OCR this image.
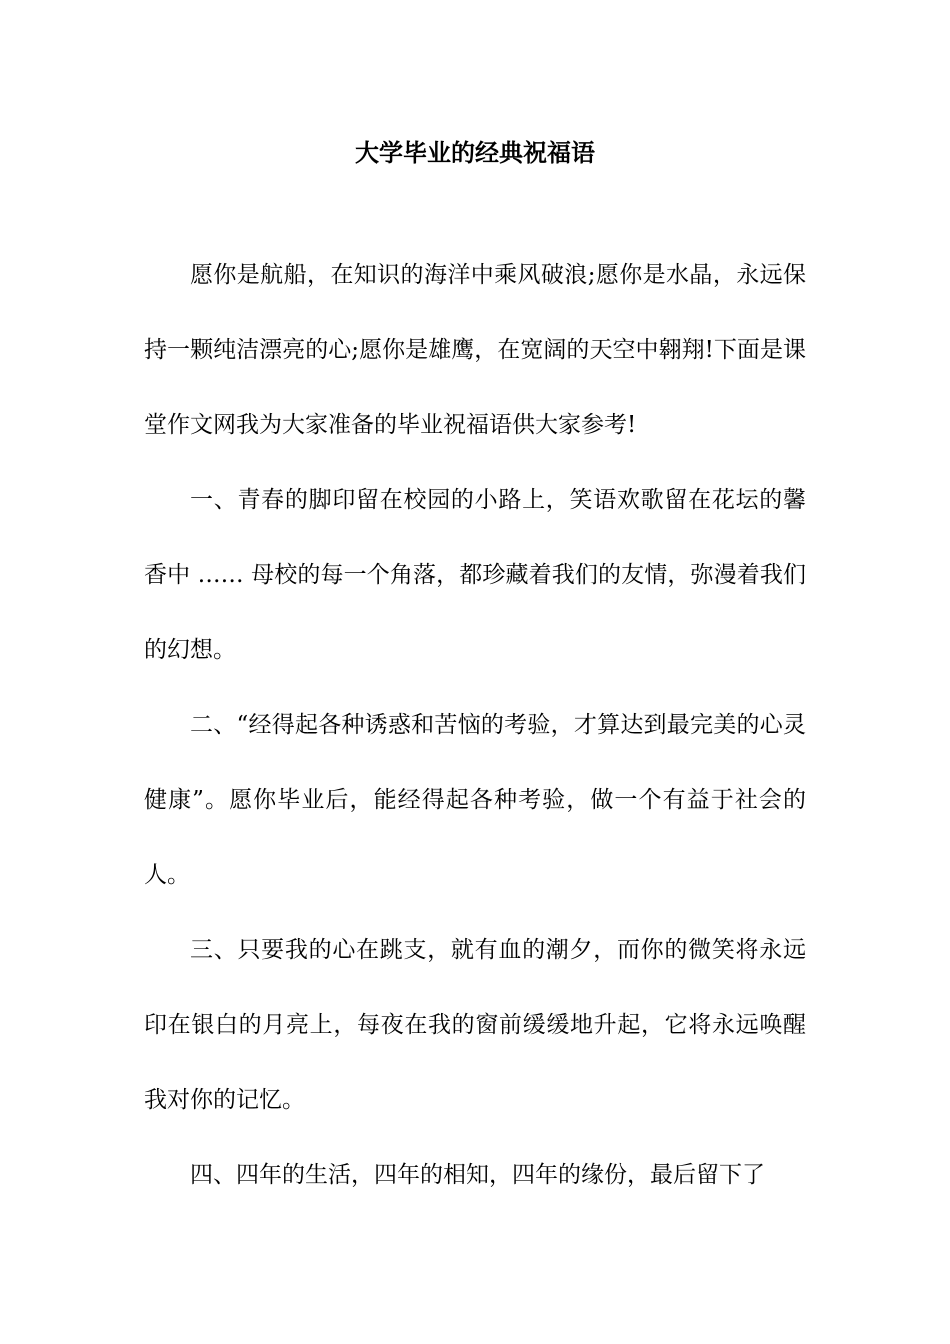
大学毕业的经典祝福语

愿你是航船，在知识的海洋中乘风破浪;愿你是水晶，永远保持一颗纯洁漂亮的心;愿你是雄鹰，在宽阔的天空中翱翔!下面是课堂作文网我为大家准备的毕业祝福语供大家参考!

一、青春的脚印留在校园的小路上，笑语欢歌留在花坛的馨香中 …… 母校的每一个角落，都珍藏着我们的友情，弥漫着我们的幻想。

二、“经得起各种诱惑和苦恼的考验，才算达到最完美的心灵健康”。愿你毕业后，能经得起各种考验，做一个有益于社会的人。

三、只要我的心在跳支，就有血的潮夕，而你的微笑将永远印在银白的月亮上，每夜在我的窗前缓缓地升起，它将永远唤醒我对你的记忆。

四、四年的生活，四年的相知，四年的缘份，最后留下了
